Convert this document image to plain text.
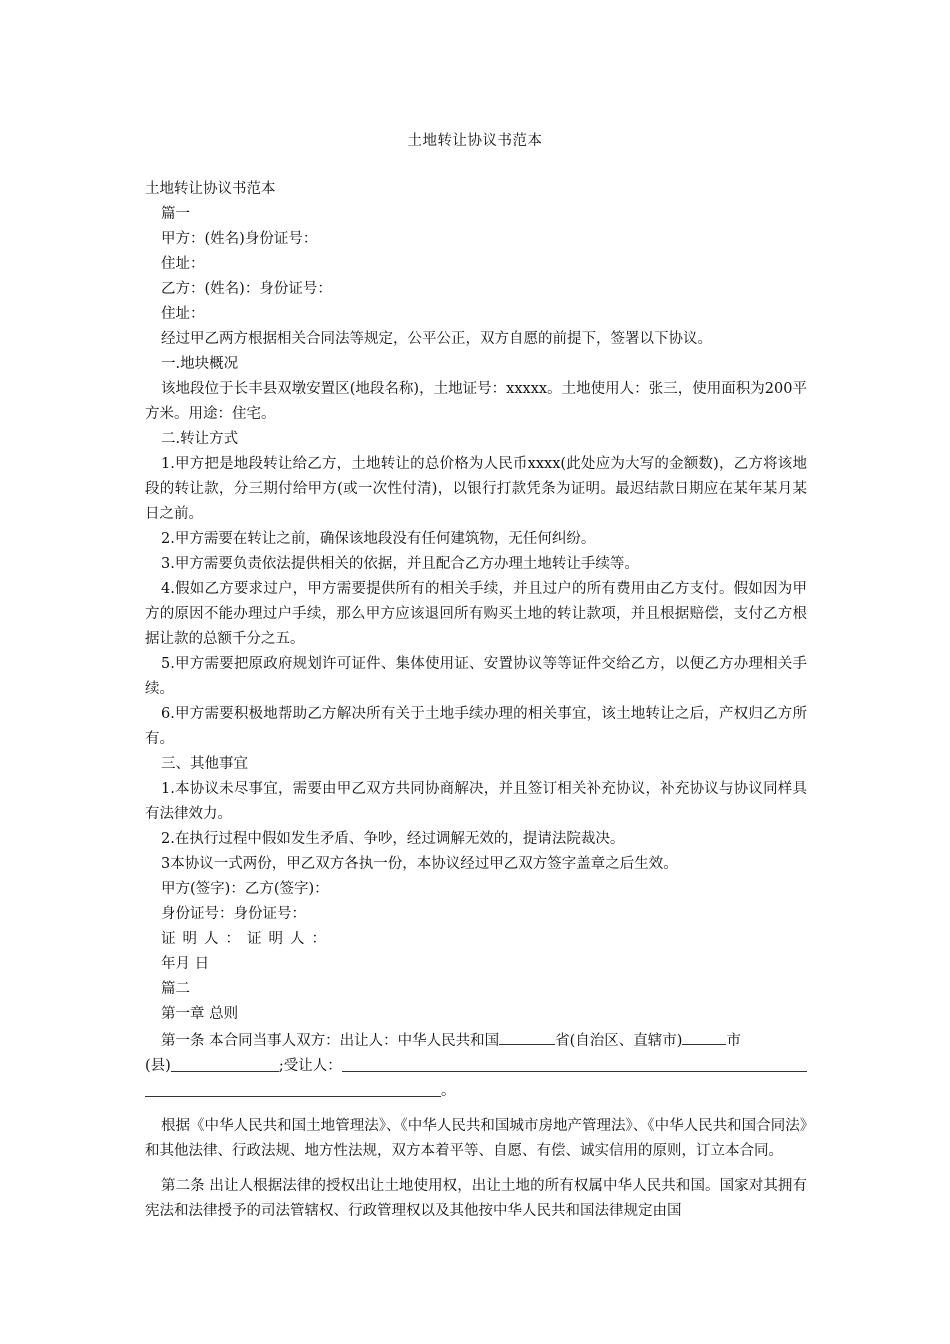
土地转让协议书范本

土地转让协议书范本

篇一

甲方：(姓名)身份证号：

住址：

乙方：(姓名)：身份证号：

住址：

经过甲乙两方根据相关合同法等规定，公平公正，双方自愿的前提下，签署以下协议。

一.地块概况

该地段位于长丰县双墩安置区(地段名称)，土地证号：xxxxx。土地使用人：张三，使用面积为200平方米。用途：住宅。

二.转让方式

1.甲方把是地段转让给乙方，土地转让的总价格为人民币xxxx(此处应为大写的金额数)，乙方将该地段的转让款，分三期付给甲方(或一次性付清)，以银行打款凭条为证明。最迟结款日期应在某年某月某日之前。

2.甲方需要在转让之前，确保该地段没有任何建筑物，无任何纠纷。

3.甲方需要负责依法提供相关的依据，并且配合乙方办理土地转让手续等。

4.假如乙方要求过户，甲方需要提供所有的相关手续，并且过户的所有费用由乙方支付。假如因为甲方的原因不能办理过户手续，那么甲方应该退回所有购买土地的转让款项，并且根据赔偿，支付乙方根据让款的总额千分之五。

5.甲方需要把原政府规划许可证件、集体使用证、安置协议等等证件交给乙方，以便乙方办理相关手续。

6.甲方需要积极地帮助乙方解决所有关于土地手续办理的相关事宜，该土地转让之后，产权归乙方所有。

三、其他事宜

1.本协议未尽事宜，需要由甲乙双方共同协商解决，并且签订相关补充协议，补充协议与协议同样具有法律效力。

2.在执行过程中假如发生矛盾、争吵，经过调解无效的，提请法院裁决。

3本协议一式两份，甲乙双方各执一份，本协议经过甲乙双方签字盖章之后生效。

甲方(签字)：乙方(签字)：

身份证号：身份证号：

证明人：证明人：

年月 日

篇二

第一章 总则

第一条 本合同当事人双方：出让人：中华人民共和国	省(自治区、直辖市)	市

(县)	;受让人：
。

根据《中华人民共和国土地管理法》、《中华人民共和国城市房地产管理法》、《中华人民共和国合同法》和其他法律、行政法规、地方性法规，双方本着平等、自愿、有偿、诚实信用的原则，订立本合同。

第二条 出让人根据法律的授权出让土地使用权，出让土地的所有权属中华人民共和国。国家对其拥有宪法和法律授予的司法管辖权、行政管理权以及其他按中华人民共和国法律规定由国
